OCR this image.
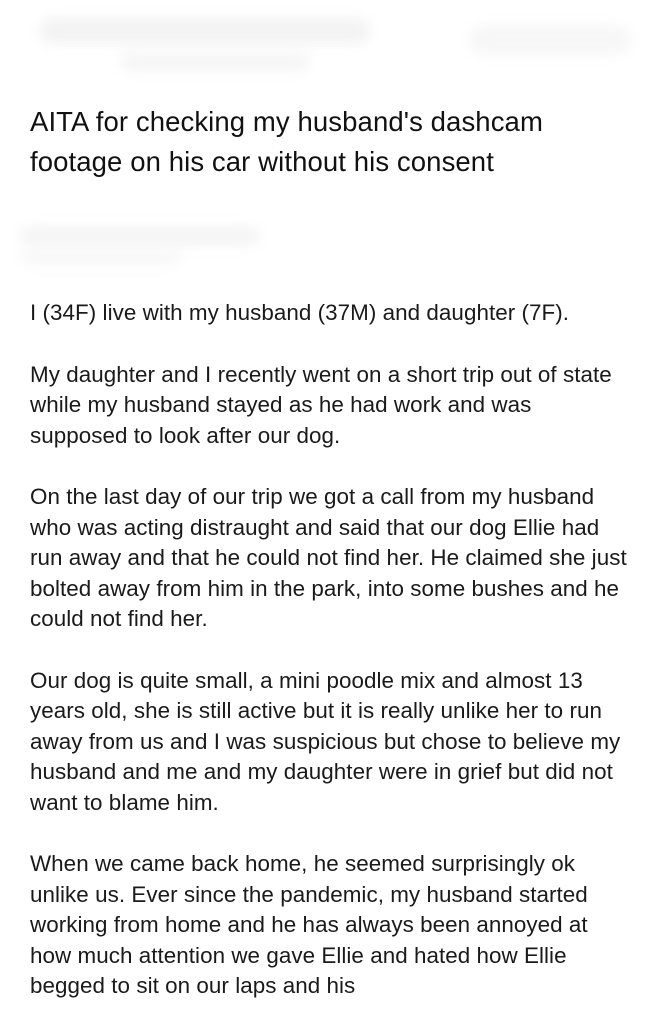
AITA for checking my husband's dashcam footage on his car without his consent

I (34F) live with my husband (37M) and daughter (7F).

My daughter and I recently went on a short trip out of state while my husband stayed as he had work and was supposed to look after our dog.

On the last day of our trip we got a call from my husband who was acting distraught and said that our dog Ellie had run away and that he could not find her. He claimed she just bolted away from him in the park, into some bushes and he could not find her.

Our dog is quite small, a mini poodle mix and almost 13 years old, she is still active but it is really unlike her to run away from us and I was suspicious but chose to believe my husband and me and my daughter were in grief but did not want to blame him.

When we came back home, he seemed surprisingly ok unlike us. Ever since the pandemic, my husband started working from home and he has always been annoyed at how much attention we gave Ellie and hated how Ellie begged to sit on our laps and his
